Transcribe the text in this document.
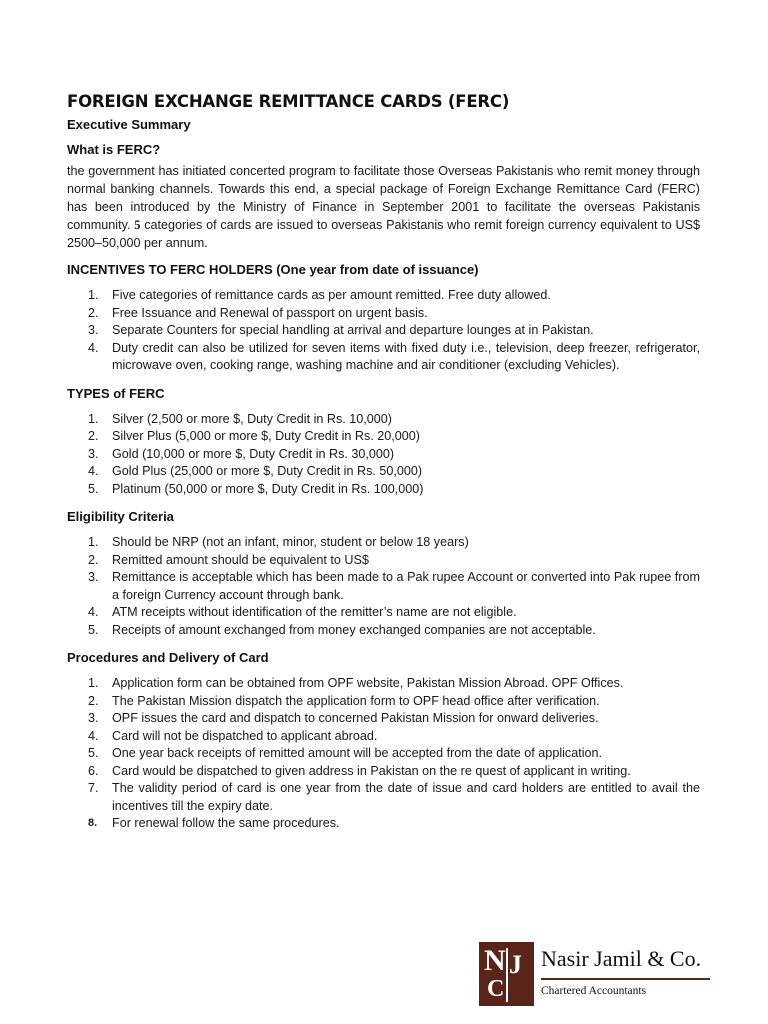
FOREIGN EXCHANGE REMITTANCE CARDS (FERC)

Executive Summary

What is FERC?

the government has initiated concerted program to facilitate those Overseas Pakistanis who remit money through normal banking channels. Towards this end, a special package of Foreign Exchange Remittance Card (FERC) has been introduced by the Ministry of Finance in September 2001 to facilitate the overseas Pakistanis community. 5 categories of cards are issued to overseas Pakistanis who remit foreign currency equivalent to US$ 2500–50,000 per annum.

INCENTIVES TO FERC HOLDERS (One year from date of issuance)

1.	Five categories of remittance cards as per amount remitted. Free duty allowed.
2.	Free Issuance and Renewal of passport on urgent basis.
3.	Separate Counters for special handling at arrival and departure lounges at in Pakistan.
4.	Duty credit can also be utilized for seven items with fixed duty i.e., television, deep freezer, refrigerator, microwave oven, cooking range, washing machine and air conditioner (excluding Vehicles).

TYPES of FERC

1.	Silver (2,500 or more $, Duty Credit in Rs. 10,000)
2.	Silver Plus (5,000 or more $, Duty Credit in Rs. 20,000)
3.	Gold (10,000 or more $, Duty Credit in Rs. 30,000)
4.	Gold Plus (25,000 or more $, Duty Credit in Rs. 50,000)
5.	Platinum (50,000 or more $, Duty Credit in Rs. 100,000)

Eligibility Criteria

1.	Should be NRP (not an infant, minor, student or below 18 years)
2.	Remitted amount should be equivalent to US$
3.	Remittance is acceptable which has been made to a Pak rupee Account or converted into Pak rupee from a foreign Currency account through bank.
4.	ATM receipts without identification of the remitter’s name are not eligible.
5.	Receipts of amount exchanged from money exchanged companies are not acceptable.

Procedures and Delivery of Card

1.	Application form can be obtained from OPF website, Pakistan Mission Abroad. OPF Offices.
2.	The Pakistan Mission dispatch the application form to OPF head office after verification.
3.	OPF issues the card and dispatch to concerned Pakistan Mission for onward deliveries.
4.	Card will not be dispatched to applicant abroad.
5.	One year back receipts of remitted amount will be accepted from the date of application.
6.	Card would be dispatched to given address in Pakistan on the re quest of applicant in writing.
7.	The validity period of card is one year from the date of issue and card holders are entitled to avail the incentives till the expiry date.
8.	For renewal follow the same procedures.
N J
C
Nasir Jamil & Co.
Chartered Accountants
